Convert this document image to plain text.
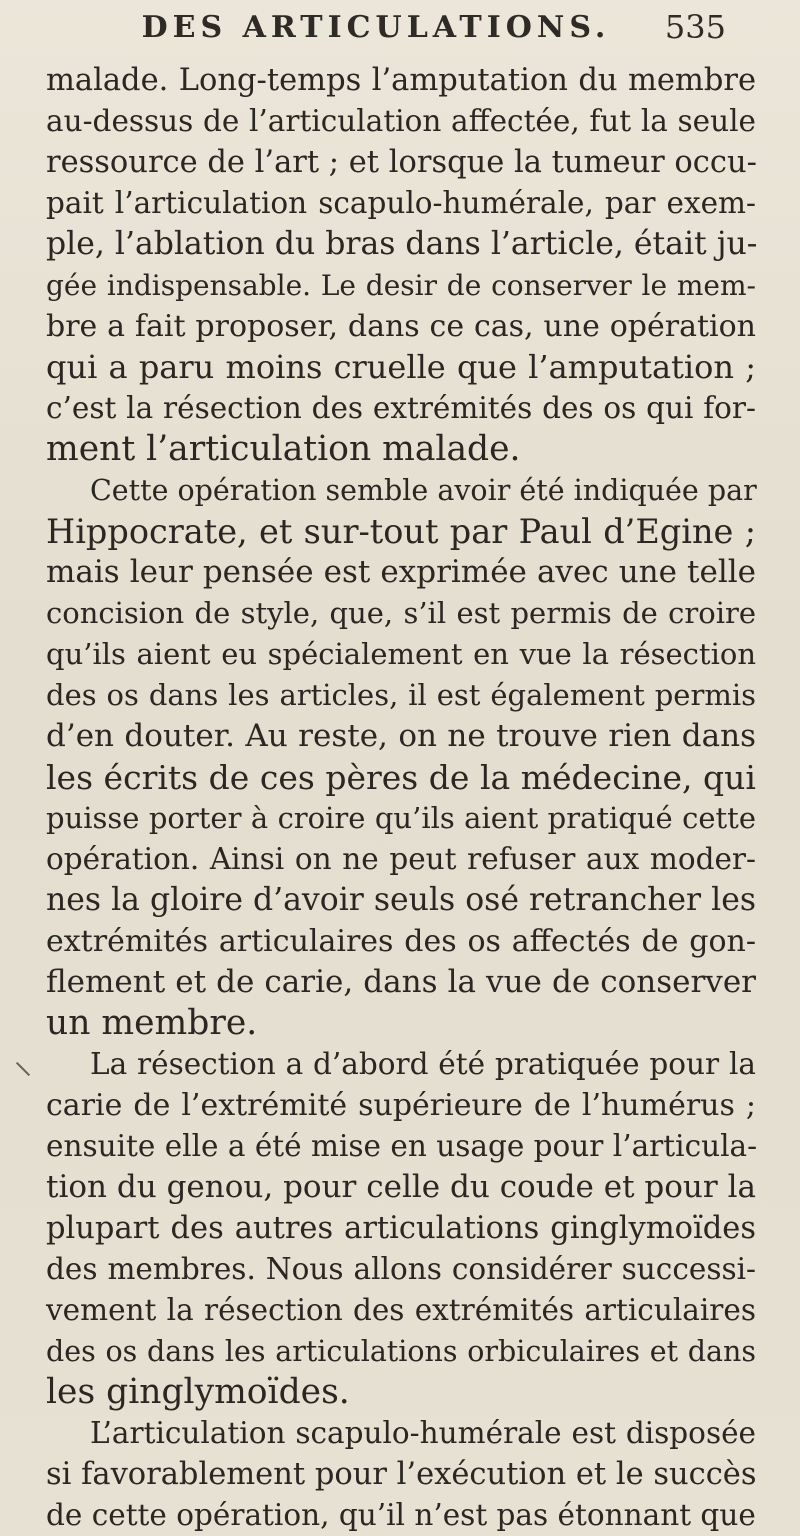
DES ARTICULATIONS.	535
malade. Long-temps l’amputation du membre
au-dessus de l’articulation affectée, fut la seule
ressource de l’art ; et lorsque la tumeur occu-
pait l’articulation scapulo-humérale, par exem-
ple, l’ablation du bras dans l’article, était ju-
gée indispensable. Le desir de conserver le mem-
bre a fait proposer, dans ce cas, une opération
qui a paru moins cruelle que l’amputation ;
c’est la résection des extrémités des os qui for-
ment l’articulation malade.
Cette opération semble avoir été indiquée par
Hippocrate, et sur-tout par Paul d’Egine ;
mais leur pensée est exprimée avec une telle
concision de style, que, s’il est permis de croire
qu’ils aient eu spécialement en vue la résection
des os dans les articles, il est également permis
d’en douter. Au reste, on ne trouve rien dans
les écrits de ces pères de la médecine, qui
puisse porter à croire qu’ils aient pratiqué cette
opération. Ainsi on ne peut refuser aux moder-
nes la gloire d’avoir seuls osé retrancher les
extrémités articulaires des os affectés de gon-
flement et de carie, dans la vue de conserver
un membre.
La résection a d’abord été pratiquée pour la
carie de l’extrémité supérieure de l’humérus ;
ensuite elle a été mise en usage pour l’articula-
tion du genou, pour celle du coude et pour la
plupart des autres articulations ginglymoïdes
des membres. Nous allons considérer successi-
vement la résection des extrémités articulaires
des os dans les articulations orbiculaires et dans
les ginglymoïdes.
L’articulation scapulo-humérale est disposée
si favorablement pour l’exécution et le succès
de cette opération, qu’il n’est pas étonnant que
